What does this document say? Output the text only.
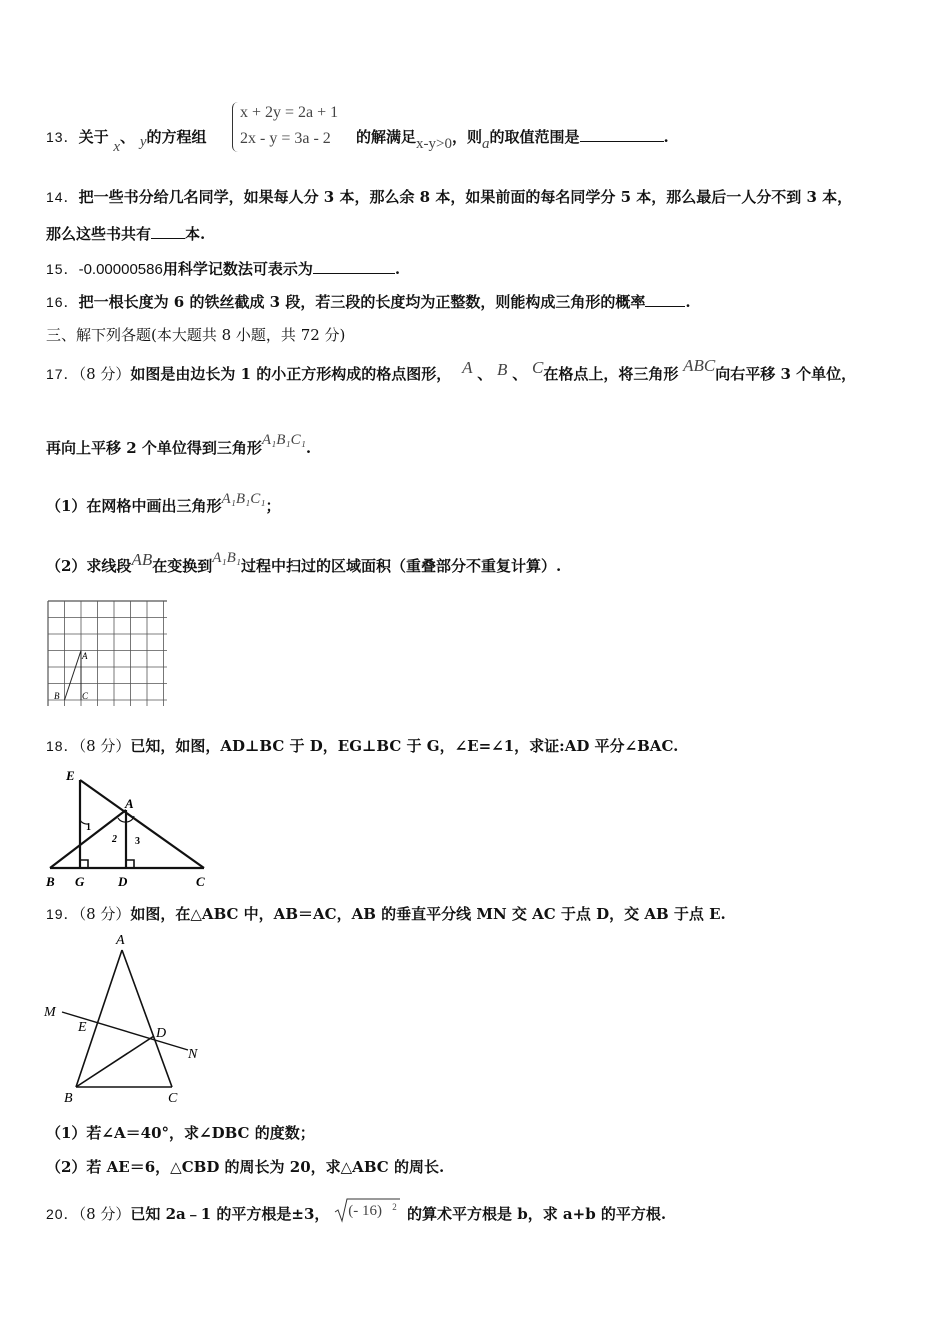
13．关于 x、 y的方程组
x + 2y = 2a + 1
2x - y = 3a - 2 的解满足x-y>0，则a的取值范围是	.
14．把一些书分给几名同学，如果每人分 3 本，那么余 8 本，如果前面的每名同学分 5 本，那么最后一人分不到 3 本，
那么这些书共有 本.
15．-0.00000586用科学记数法可表示为	.
16．把一根长度为 6 的铁丝截成 3 段，若三段的长度均为正整数，则能构成三角形的概率	.
三、解下列各题(本大题共 8 小题，共 72 分)
17．（8 分）如图是由边长为 1 的小正方形构成的格点图形， A 、 B 、 C在格点上，将三角形 ABC向右平移 3 个单位，
再向上平移 2 个单位得到三角形A₁B₁C₁.
（1）在网格中画出三角形A₁B₁C₁；
（2）求线段AB在变换到A₁B₁过程中扫过的区域面积（重叠部分不重复计算）.
A
B	C
18．（8 分）已知，如图，AD⊥BC 于 D，EG⊥BC 于 G，∠E=∠1，求证:AD 平分∠BAC.
E
A
B G	D	C
1
2 3
19．（8 分）如图，在△ABC 中，AB＝AC，AB 的垂直平分线 MN 交 AC 于点 D，交 AB 于点 E.
A
M
E	D
N
B	C
（1）若∠A＝40°，求∠DBC 的度数；
（2）若 AE＝6，△CBD 的周长为 20，求△ABC 的周长.
20．（8 分）已知 2a﹣1 的平方根是±3， (- 16) 2 的算术平方根是 b，求 a+b 的平方根.
